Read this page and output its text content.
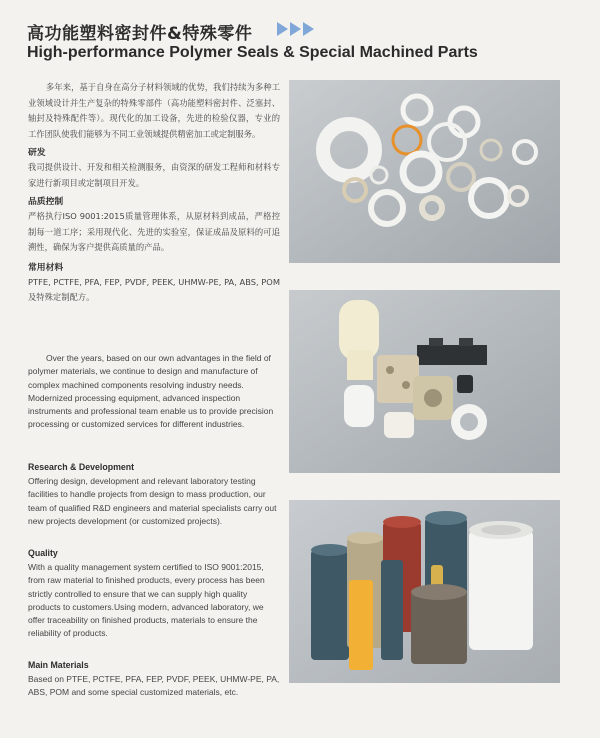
高功能塑料密封件&特殊零件
High-performance Polymer Seals & Special Machined Parts

多年来，基于自身在高分子材料领域的优势，我们持续为多种工业领域设计并生产复杂的特殊零部件（高功能塑料密封件、泛塞封、轴封及特殊配件等）。现代化的加工设备，先进的检验仪器，专业的工作团队使我们能够为不同工业领域提供精密加工或定制服务。

研发

我司提供设计、开发和相关检测服务，由资深的研发工程师和材料专家进行新项目或定制项目开发。

品质控制

严格执行ISO 9001:2015质量管理体系，从原材料到成品，严格控制每一道工序；采用现代化、先进的实验室，保证成品及原料的可追溯性，确保为客户提供高质量的产品。

常用材料

PTFE, PCTFE, PFA, FEP, PVDF, PEEK, UHMW-PE, PA, ABS, POM及特殊定制配方。

Over the years, based on our own advantages in the field of polymer materials, we continue to design and manufacture of complex machined components resolving industry needs. Modernized processing equipment, advanced inspection instruments and professional team enable us to provide precision processing or customized services for different industries.

Research & Development

Offering design, development and relevant laboratory testing facilities to handle projects from design to mass production, our team of qualified R&D engineers and material specialists carry out new projects development (or customized projects).

Quality

With a quality management system certified to ISO 9001:2015, from raw material to finished products, every process has been strictly controlled to ensure that we can supply high quality products to customers.Using modern, advanced laboratory, we offer traceability on finished products, materials to ensure the reliability of products.

Main Materials

Based on PTFE, PCTFE, PFA, FEP, PVDF, PEEK, UHMW-PE, PA, ABS, POM and some special customized materials, etc.
